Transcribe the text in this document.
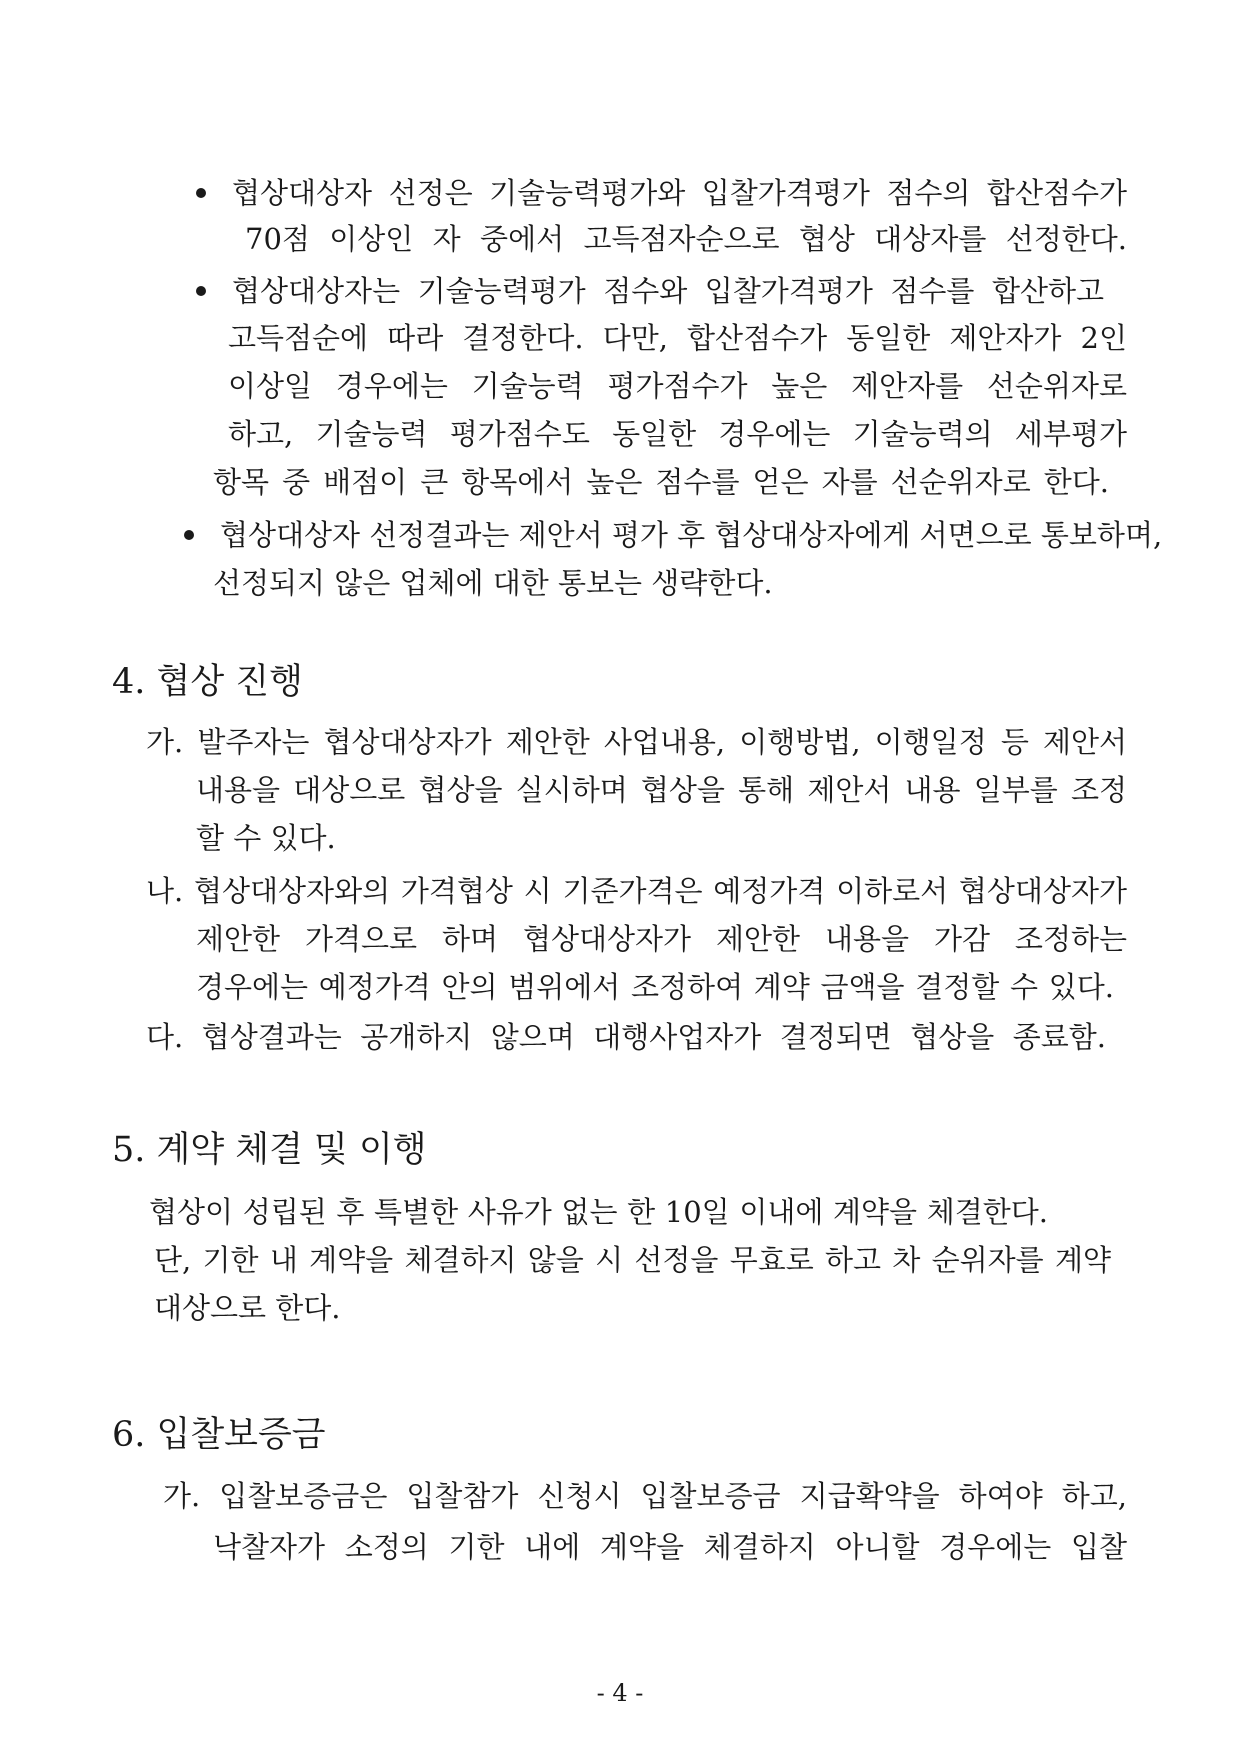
협상대상자 선정은 기술능력평가와 입찰가격평가 점수의 합산점수가
70점 이상인 자 중에서 고득점자순으로 협상 대상자를 선정한다.
협상대상자는 기술능력평가 점수와 입찰가격평가 점수를 합산하고
고득점순에 따라 결정한다. 다만, 합산점수가 동일한 제안자가 2인
이상일 경우에는 기술능력 평가점수가 높은 제안자를 선순위자로
하고, 기술능력 평가점수도 동일한 경우에는 기술능력의 세부평가
항목 중 배점이 큰 항목에서 높은 점수를 얻은 자를 선순위자로 한다.
협상대상자 선정결과는 제안서 평가 후 협상대상자에게 서면으로 통보하며,
선정되지 않은 업체에 대한 통보는 생략한다.
4. 협상 진행
가. 발주자는 협상대상자가 제안한 사업내용, 이행방법, 이행일정 등 제안서
내용을 대상으로 협상을 실시하며 협상을 통해 제안서 내용 일부를 조정
할 수 있다.
나. 협상대상자와의 가격협상 시 기준가격은 예정가격 이하로서 협상대상자가
제안한 가격으로 하며 협상대상자가 제안한 내용을 가감 조정하는
경우에는 예정가격 안의 범위에서 조정하여 계약 금액을 결정할 수 있다.
다. 협상결과는 공개하지 않으며 대행사업자가 결정되면 협상을 종료함.
5. 계약 체결 및 이행
협상이 성립된 후 특별한 사유가 없는 한 10일 이내에 계약을 체결한다.
단, 기한 내 계약을 체결하지 않을 시 선정을 무효로 하고 차 순위자를 계약
대상으로 한다.
6. 입찰보증금
가. 입찰보증금은 입찰참가 신청시 입찰보증금 지급확약을 하여야 하고,
낙찰자가 소정의 기한 내에 계약을 체결하지 아니할 경우에는 입찰
- 4 -
